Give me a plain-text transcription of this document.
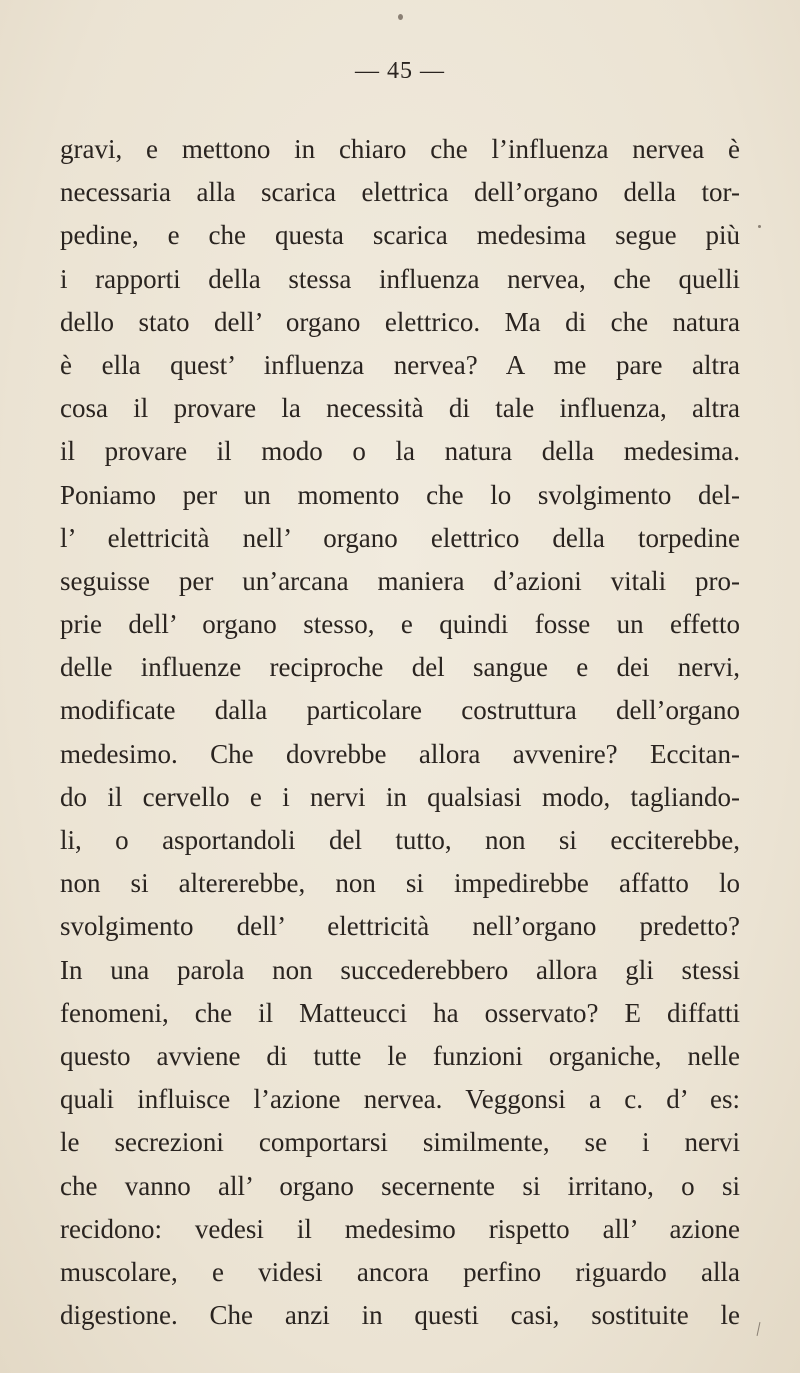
— 45 —
gravi, e mettono in chiaro che l’influenza nervea è
necessaria alla scarica elettrica dell’organo della tor-
pedine, e che questa scarica medesima segue più
i rapporti della stessa influenza nervea, che quelli
dello stato dell’ organo elettrico. Ma di che natura
è ella quest’ influenza nervea? A me pare altra
cosa il provare la necessità di tale influenza, altra
il provare il modo o la natura della medesima.
Poniamo per un momento che lo svolgimento del-
l’ elettricità nell’ organo elettrico della torpedine
seguisse per un’arcana maniera d’azioni vitali pro-
prie dell’ organo stesso, e quindi fosse un effetto
delle influenze reciproche del sangue e dei nervi,
modificate dalla particolare costruttura dell’organo
medesimo. Che dovrebbe allora avvenire? Eccitan-
do il cervello e i nervi in qualsiasi modo, tagliando-
li, o asportandoli del tutto, non si ecciterebbe,
non si altererebbe, non si impedirebbe affatto lo
svolgimento dell’ elettricità nell’organo predetto?
In una parola non succederebbero allora gli stessi
fenomeni, che il Matteucci ha osservato? E diffatti
questo avviene di tutte le funzioni organiche, nelle
quali influisce l’azione nervea. Veggonsi a c. d’ es:
le secrezioni comportarsi similmente, se i nervi
che vanno all’ organo secernente si irritano, o si
recidono: vedesi il medesimo rispetto all’ azione
muscolare, e videsi ancora perfino riguardo alla
digestione. Che anzi in questi casi, sostituite le
